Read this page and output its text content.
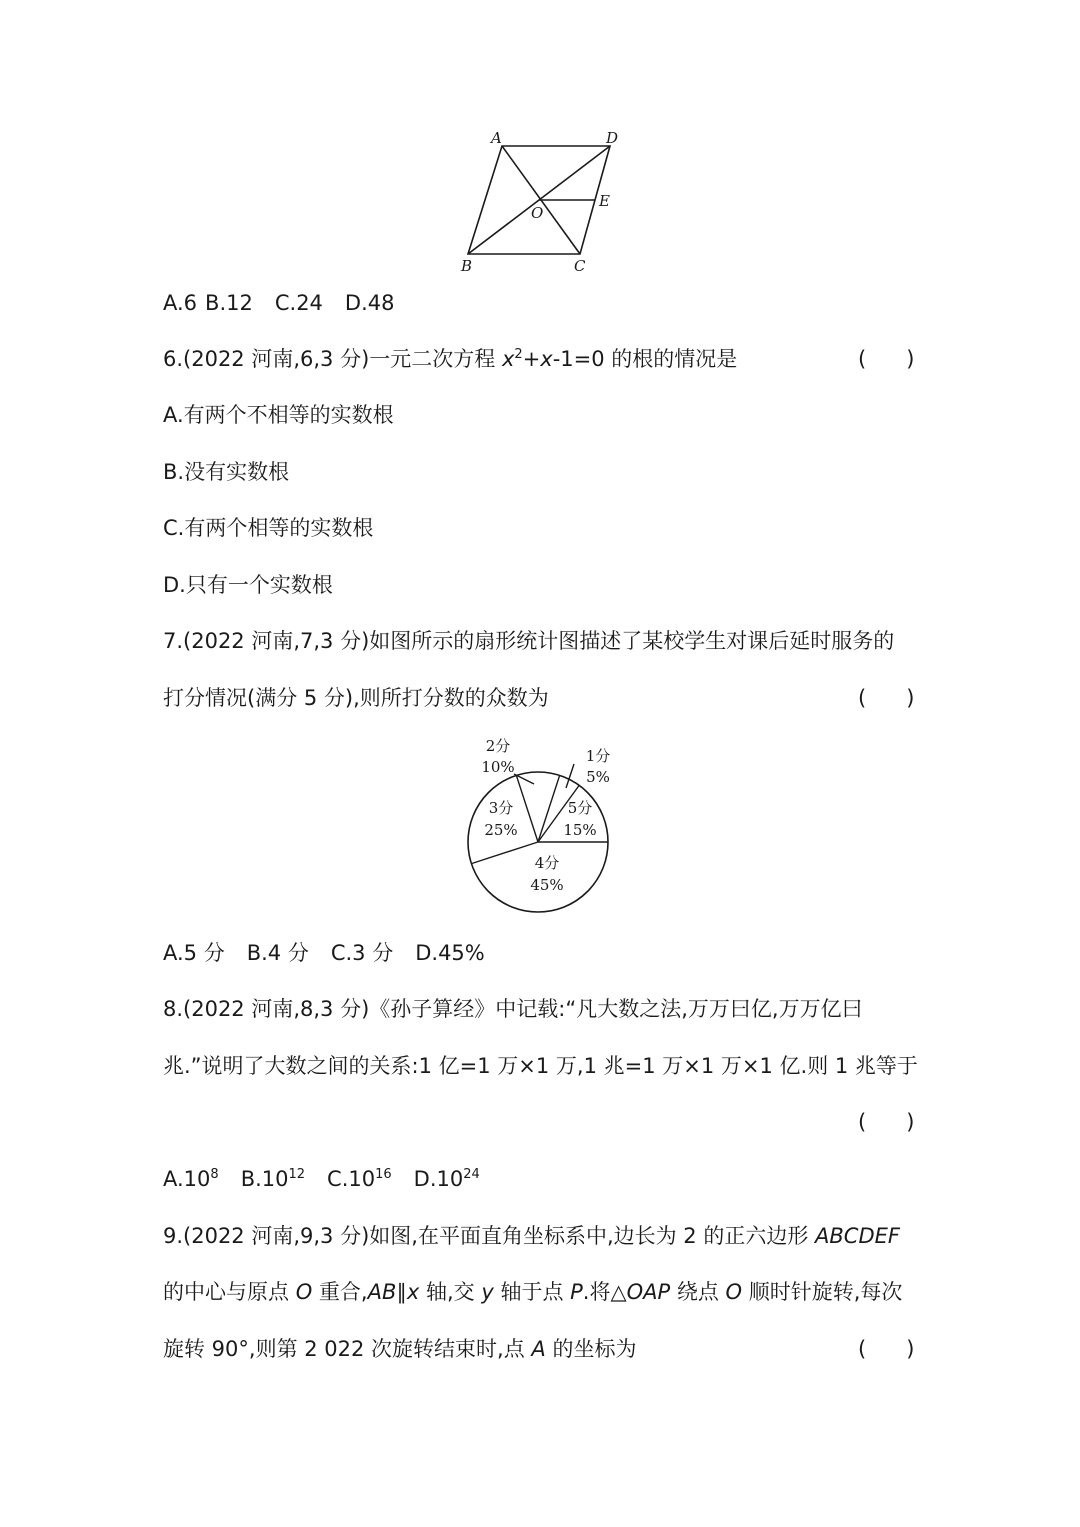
A	D
E
O
B	C
A.6 B.12 C.24 D.48
6.(2022 河南,6,3 分)一元二次方程 $x^2+x-1=0$ 的根的情况是	(      )
A.有两个不相等的实数根
B.没有实数根
C.有两个相等的实数根
D.只有一个实数根
7.(2022 河南,7,3 分)如图所示的扇形统计图描述了某校学生对课后延时服务的
打分情况(满分 5 分),则所打分数的众数为	(      )
2分
10%
1分
5%
3分
25%
5分
15%
4分
45%
A.5 分 B.4 分 C.3 分 D.45%
8.(2022 河南,8,3 分)《孙子算经》中记载:“凡大数之法,万万曰亿,万万亿曰
兆.”说明了大数之间的关系:1 亿=1 万×1 万,1 兆=1 万×1 万×1 亿.则 1 兆等于
(      )
$A.10^8$ $B.10^{12}$ $C.10^{16}$ $D.10^{24}$
9.(2022 河南,9,3 分)如图,在平面直角坐标系中,边长为 2 的正六边形 ABCDEF
的中心与原点 O 重合,AB∥x 轴,交 y 轴于点 P.将△OAP 绕点 O 顺时针旋转,每次
旋转 90°,则第 2 022 次旋转结束时,点 A 的坐标为	(      )
